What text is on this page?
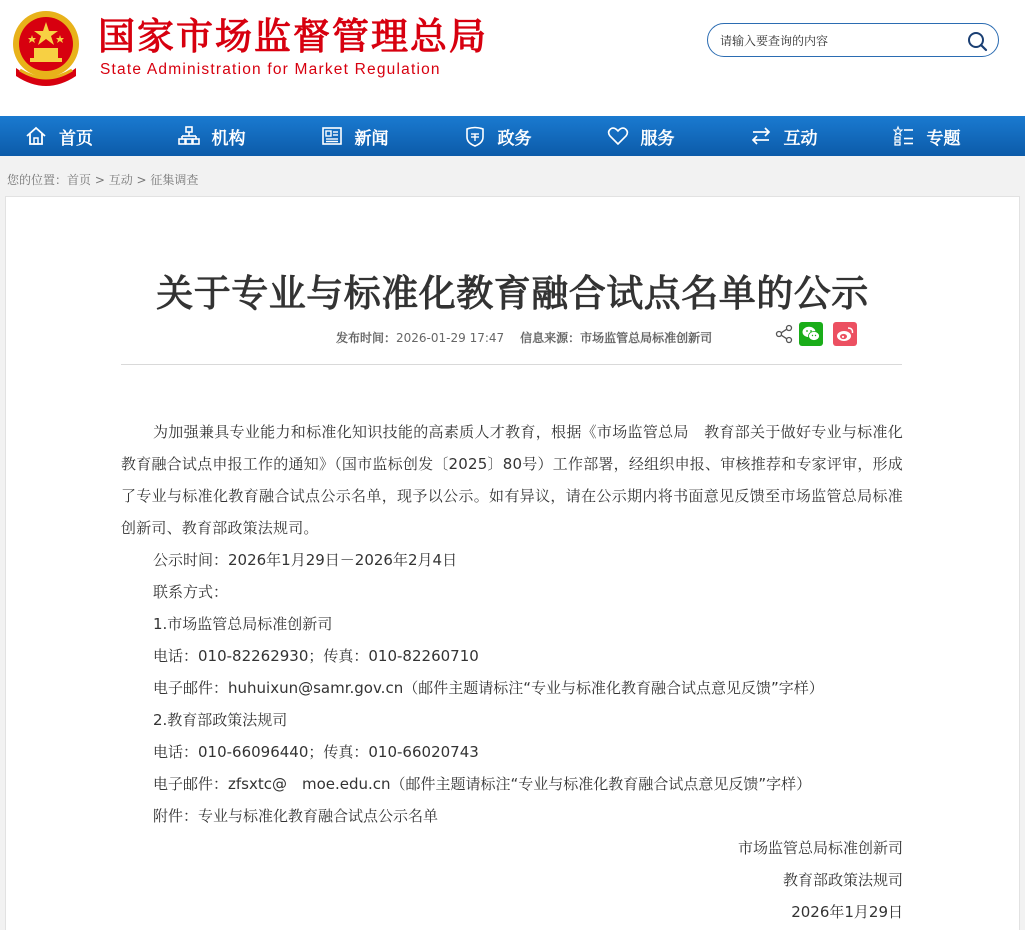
国家市场监督管理总局
State Administration for Market Regulation
请输入要查询的内容
首页	机构	新闻	政务	服务	互动	专题
您的位置：首页 > 互动 > 征集调查
关于专业与标准化教育融合试点名单的公示
发布时间：2026-01-29 17:47 信息来源：市场监管总局标准创新司

为加强兼具专业能力和标准化知识技能的高素质人才教育，根据《市场监管总局　教育部关于做好专业与标准化教育融合试点申报工作的通知》（国市监标创发〔2025〕80号）工作部署，经组织申报、审核推荐和专家评审，形成了专业与标准化教育融合试点公示名单，现予以公示。如有异议，请在公示期内将书面意见反馈至市场监管总局标准创新司、教育部政策法规司。

公示时间：2026年1月29日－2026年2月4日

联系方式：

1.市场监管总局标准创新司

电话：010-82262930；传真：010-82260710

电子邮件：huhuixun@samr.gov.cn（邮件主题请标注“专业与标准化教育融合试点意见反馈”字样）

2.教育部政策法规司

电话：010-66096440；传真：010-66020743

电子邮件：zfsxtc@　moe.edu.cn（邮件主题请标注“专业与标准化教育融合试点意见反馈”字样）

附件：专业与标准化教育融合试点公示名单

市场监管总局标准创新司

教育部政策法规司

2026年1月29日
